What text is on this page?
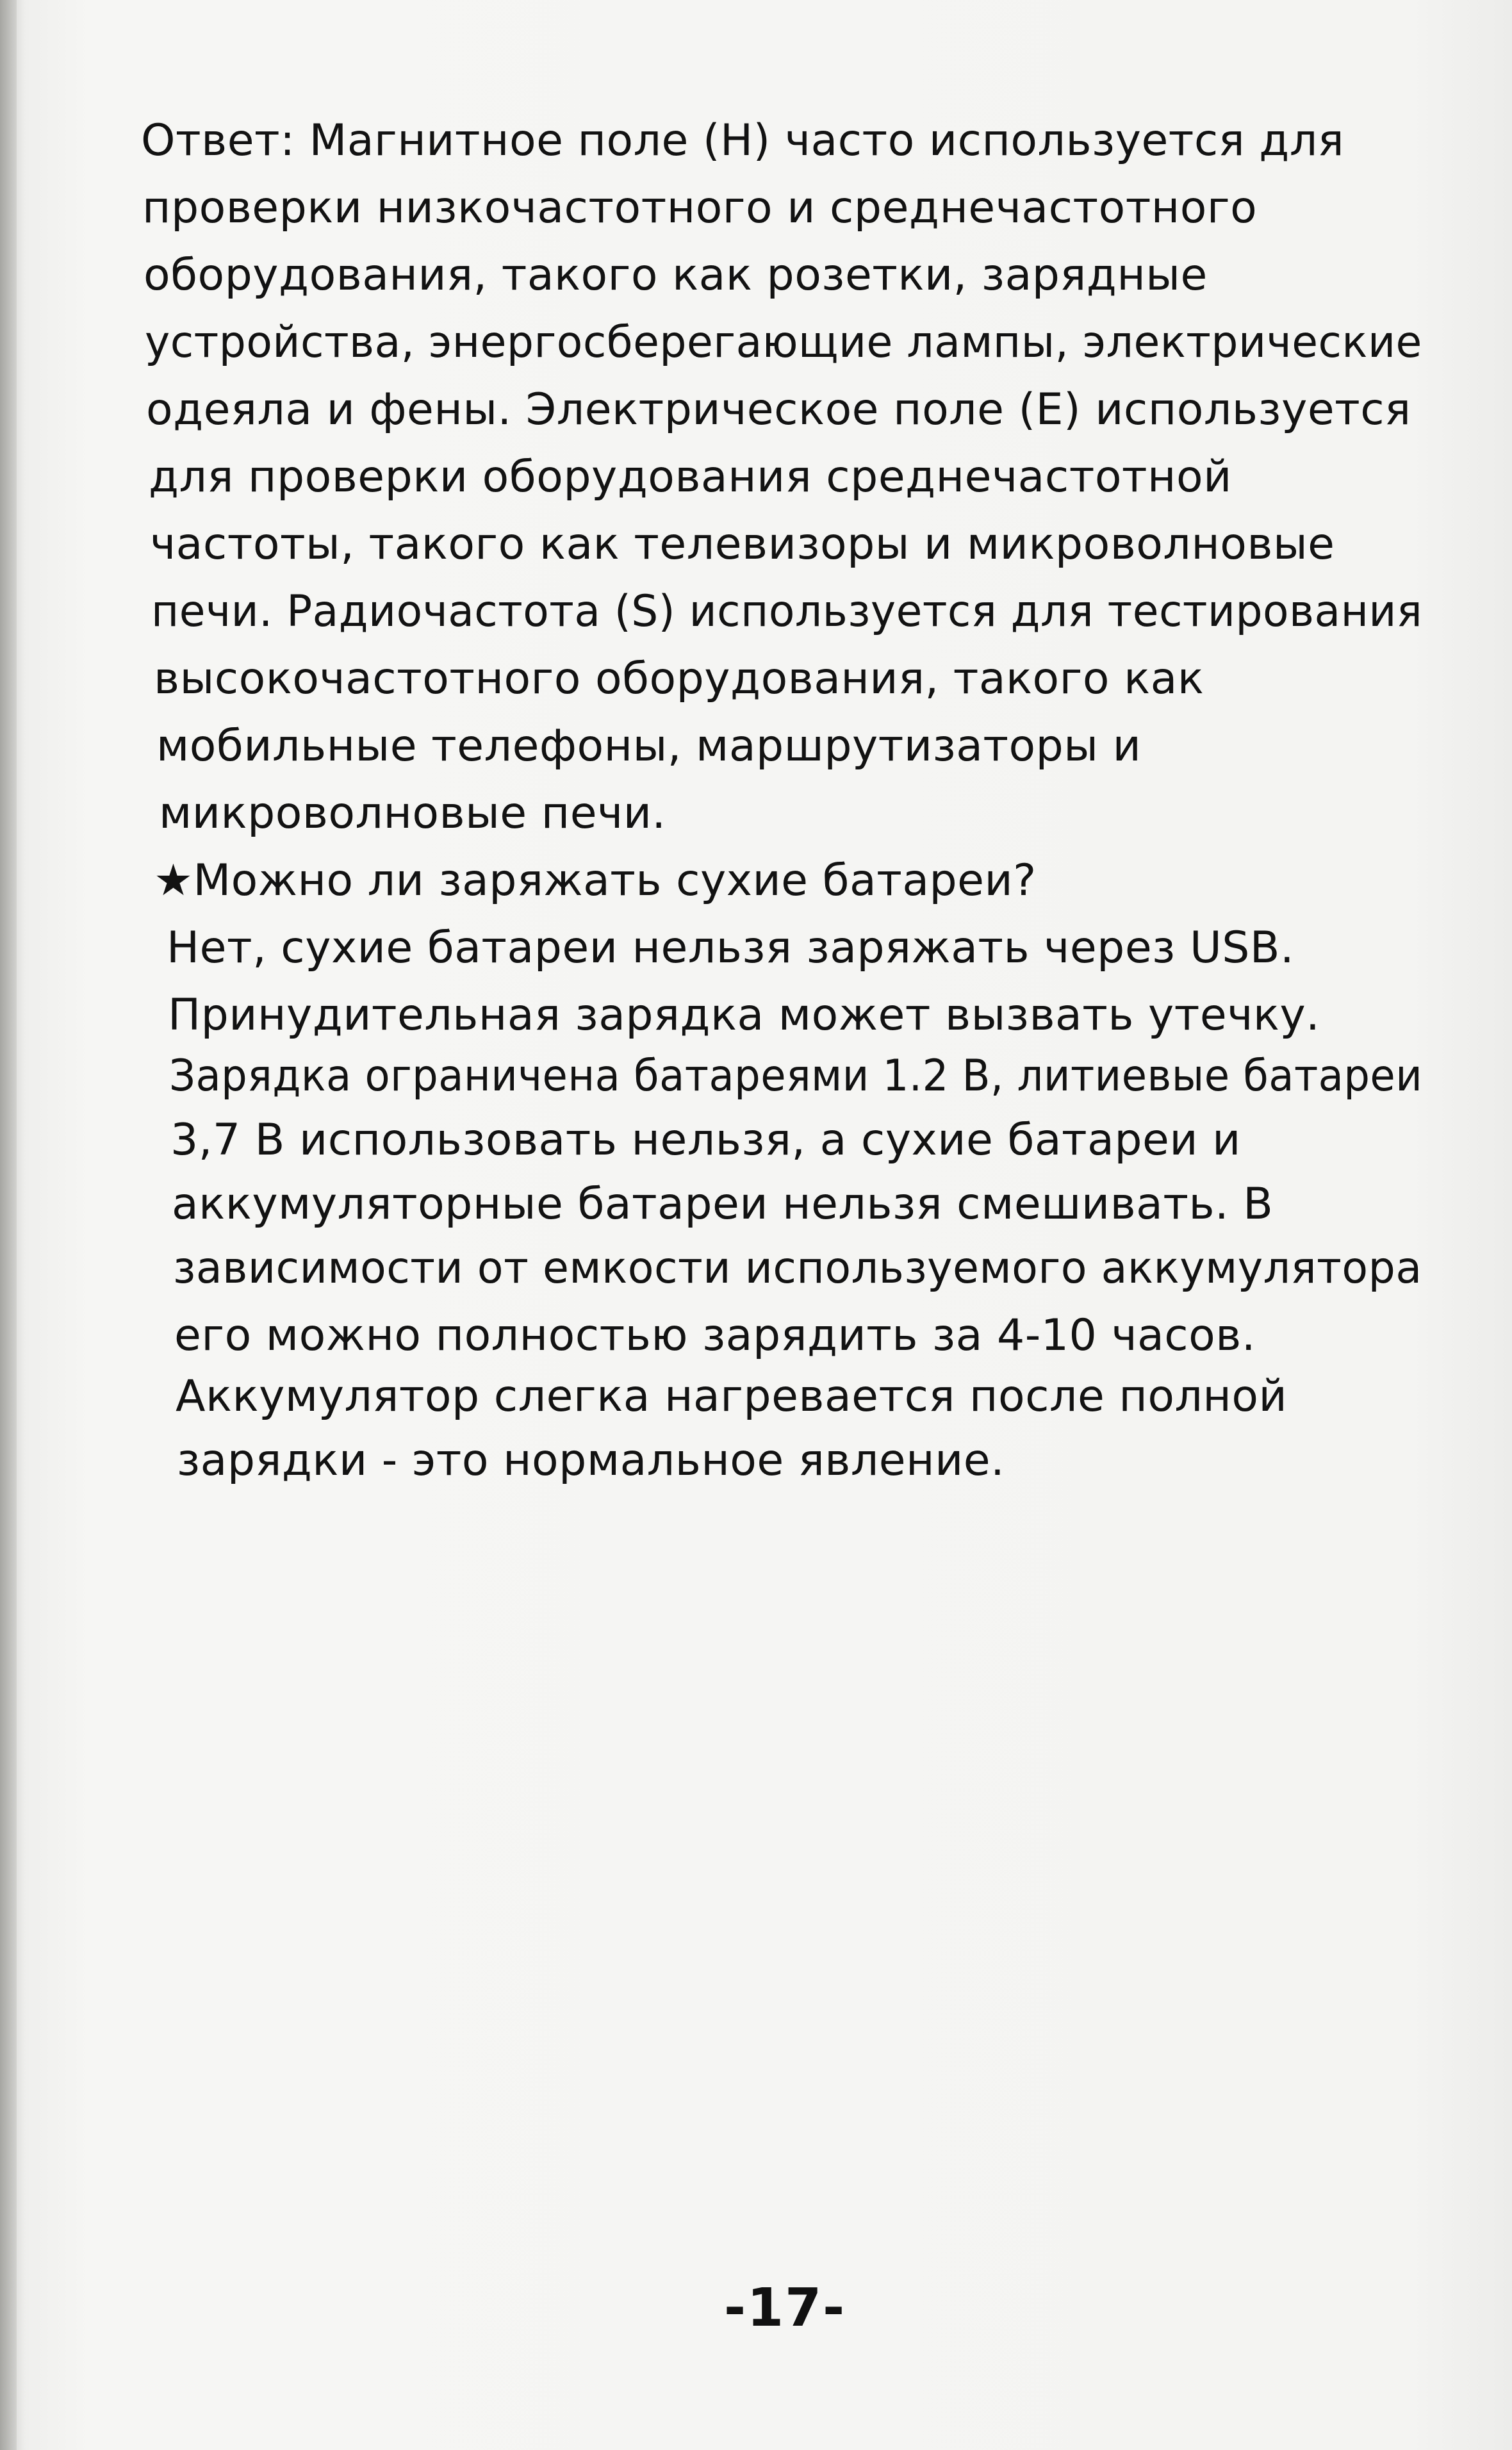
Ответ: Магнитное поле (Н) часто используется для
проверки низкочастотного и среднечастотного
оборудования, такого как розетки, зарядные
устройства, энергосберегающие лампы, электрические
одеяла и фены. Электрическое поле (Е) используется
для проверки оборудования среднечастотной
частоты, такого как телевизоры и микроволновые
печи. Радиочастота (S) используется для тестирования
высокочастотного оборудования, такого как
мобильные телефоны, маршрутизаторы и
микроволновые печи.
★Можно ли заряжать сухие батареи?
Нет, сухие батареи нельзя заряжать через USB.
Принудительная зарядка может вызвать утечку.
Зарядка ограничена батареями 1.2 В, литиевые батареи
3,7 В использовать нельзя, а сухие батареи и
аккумуляторные батареи нельзя смешивать. В
зависимости от емкости используемого аккумулятора
его можно полностью зарядить за 4-10 часов.
Аккумулятор слегка нагревается после полной
зарядки - это нормальное явление.
-17-
